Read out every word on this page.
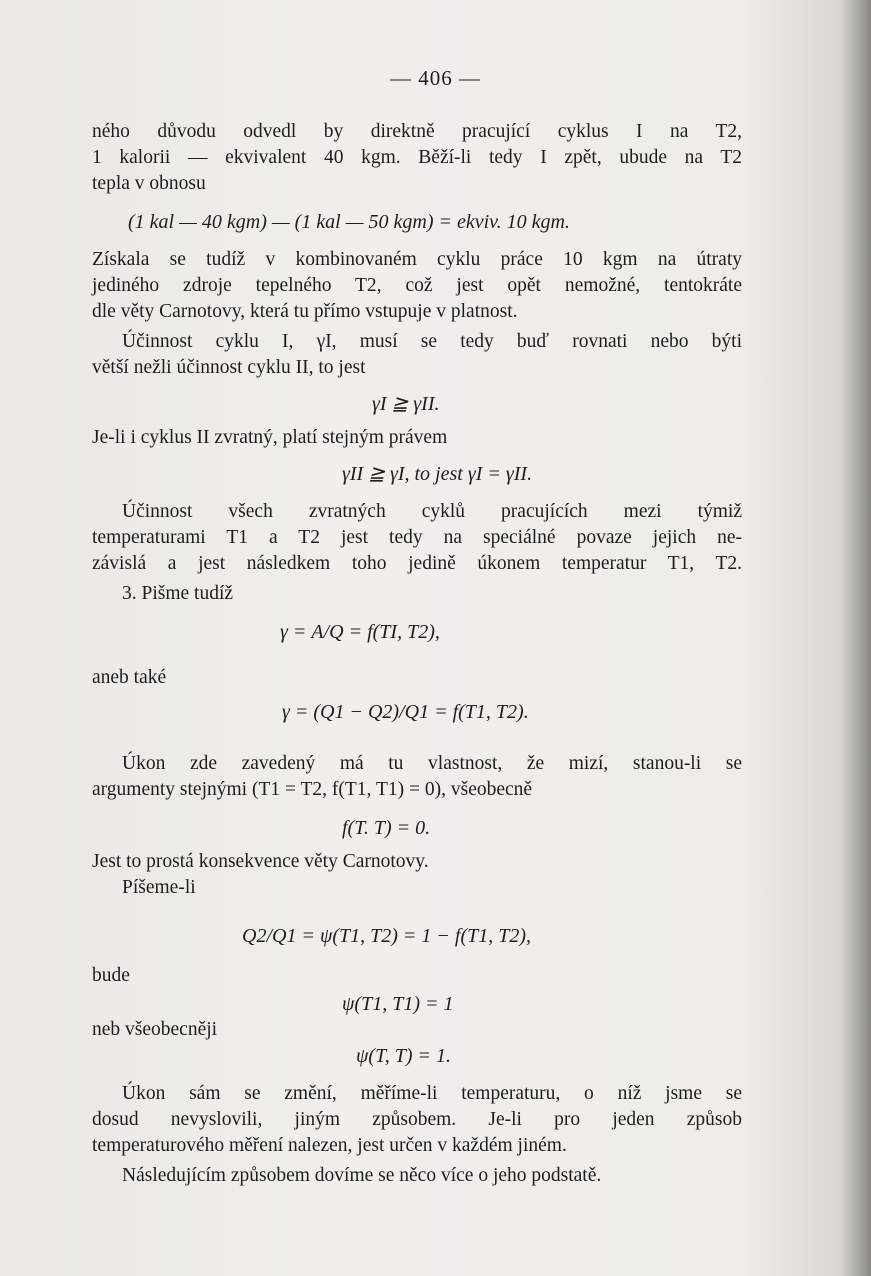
— 406 —
ného důvodu odvedl by direktně pracující cyklus I na T2,
1 kalorii — ekvivalent 40 kgm. Běží-li tedy I zpět, ubude na T2
tepla v obnosu
(1 kal — 40 kgm) — (1 kal — 50 kgm) = ekviv. 10 kgm.
Získala se tudíž v kombinovaném cyklu práce 10 kgm na útraty
jediného zdroje tepelného T2, což jest opět nemožné, tentokráte
dle věty Carnotovy, která tu přímo vstupuje v platnost.
Účinnost cyklu I, γI, musí se tedy buď rovnati nebo býti
větší nežli účinnost cyklu II, to jest
γI ≧ γII.
Je-li i cyklus II zvratný, platí stejným právem
γII ≧ γI, to jest γI = γII.
Účinnost všech zvratných cyklů pracujících mezi týmiž
temperaturami T1 a T2 jest tedy na speciálné povaze jejich ne-
závislá a jest následkem toho jedině úkonem temperatur T1, T2.
3. Pišme tudíž
γ = A/Q = f(TI, T2),
aneb také
γ = (Q1 − Q2)/Q1 = f(T1, T2).
Úkon zde zavedený má tu vlastnost, že mizí, stanou-li se
argumenty stejnými (T1 = T2, f(T1, T1) = 0), všeobecně
f(T. T) = 0.
Jest to prostá konsekvence věty Carnotovy.
Píšeme-li
Q2/Q1 = ψ(T1, T2) = 1 − f(T1, T2),
bude
ψ(T1, T1) = 1
neb všeobecněji
ψ(T, T) = 1.
Úkon sám se změní, měříme-li temperaturu, o níž jsme se
dosud nevyslovili, jiným způsobem. Je-li pro jeden způsob
temperaturového měření nalezen, jest určen v každém jiném.
Následujícím způsobem dovíme se něco více o jeho podstatě.
